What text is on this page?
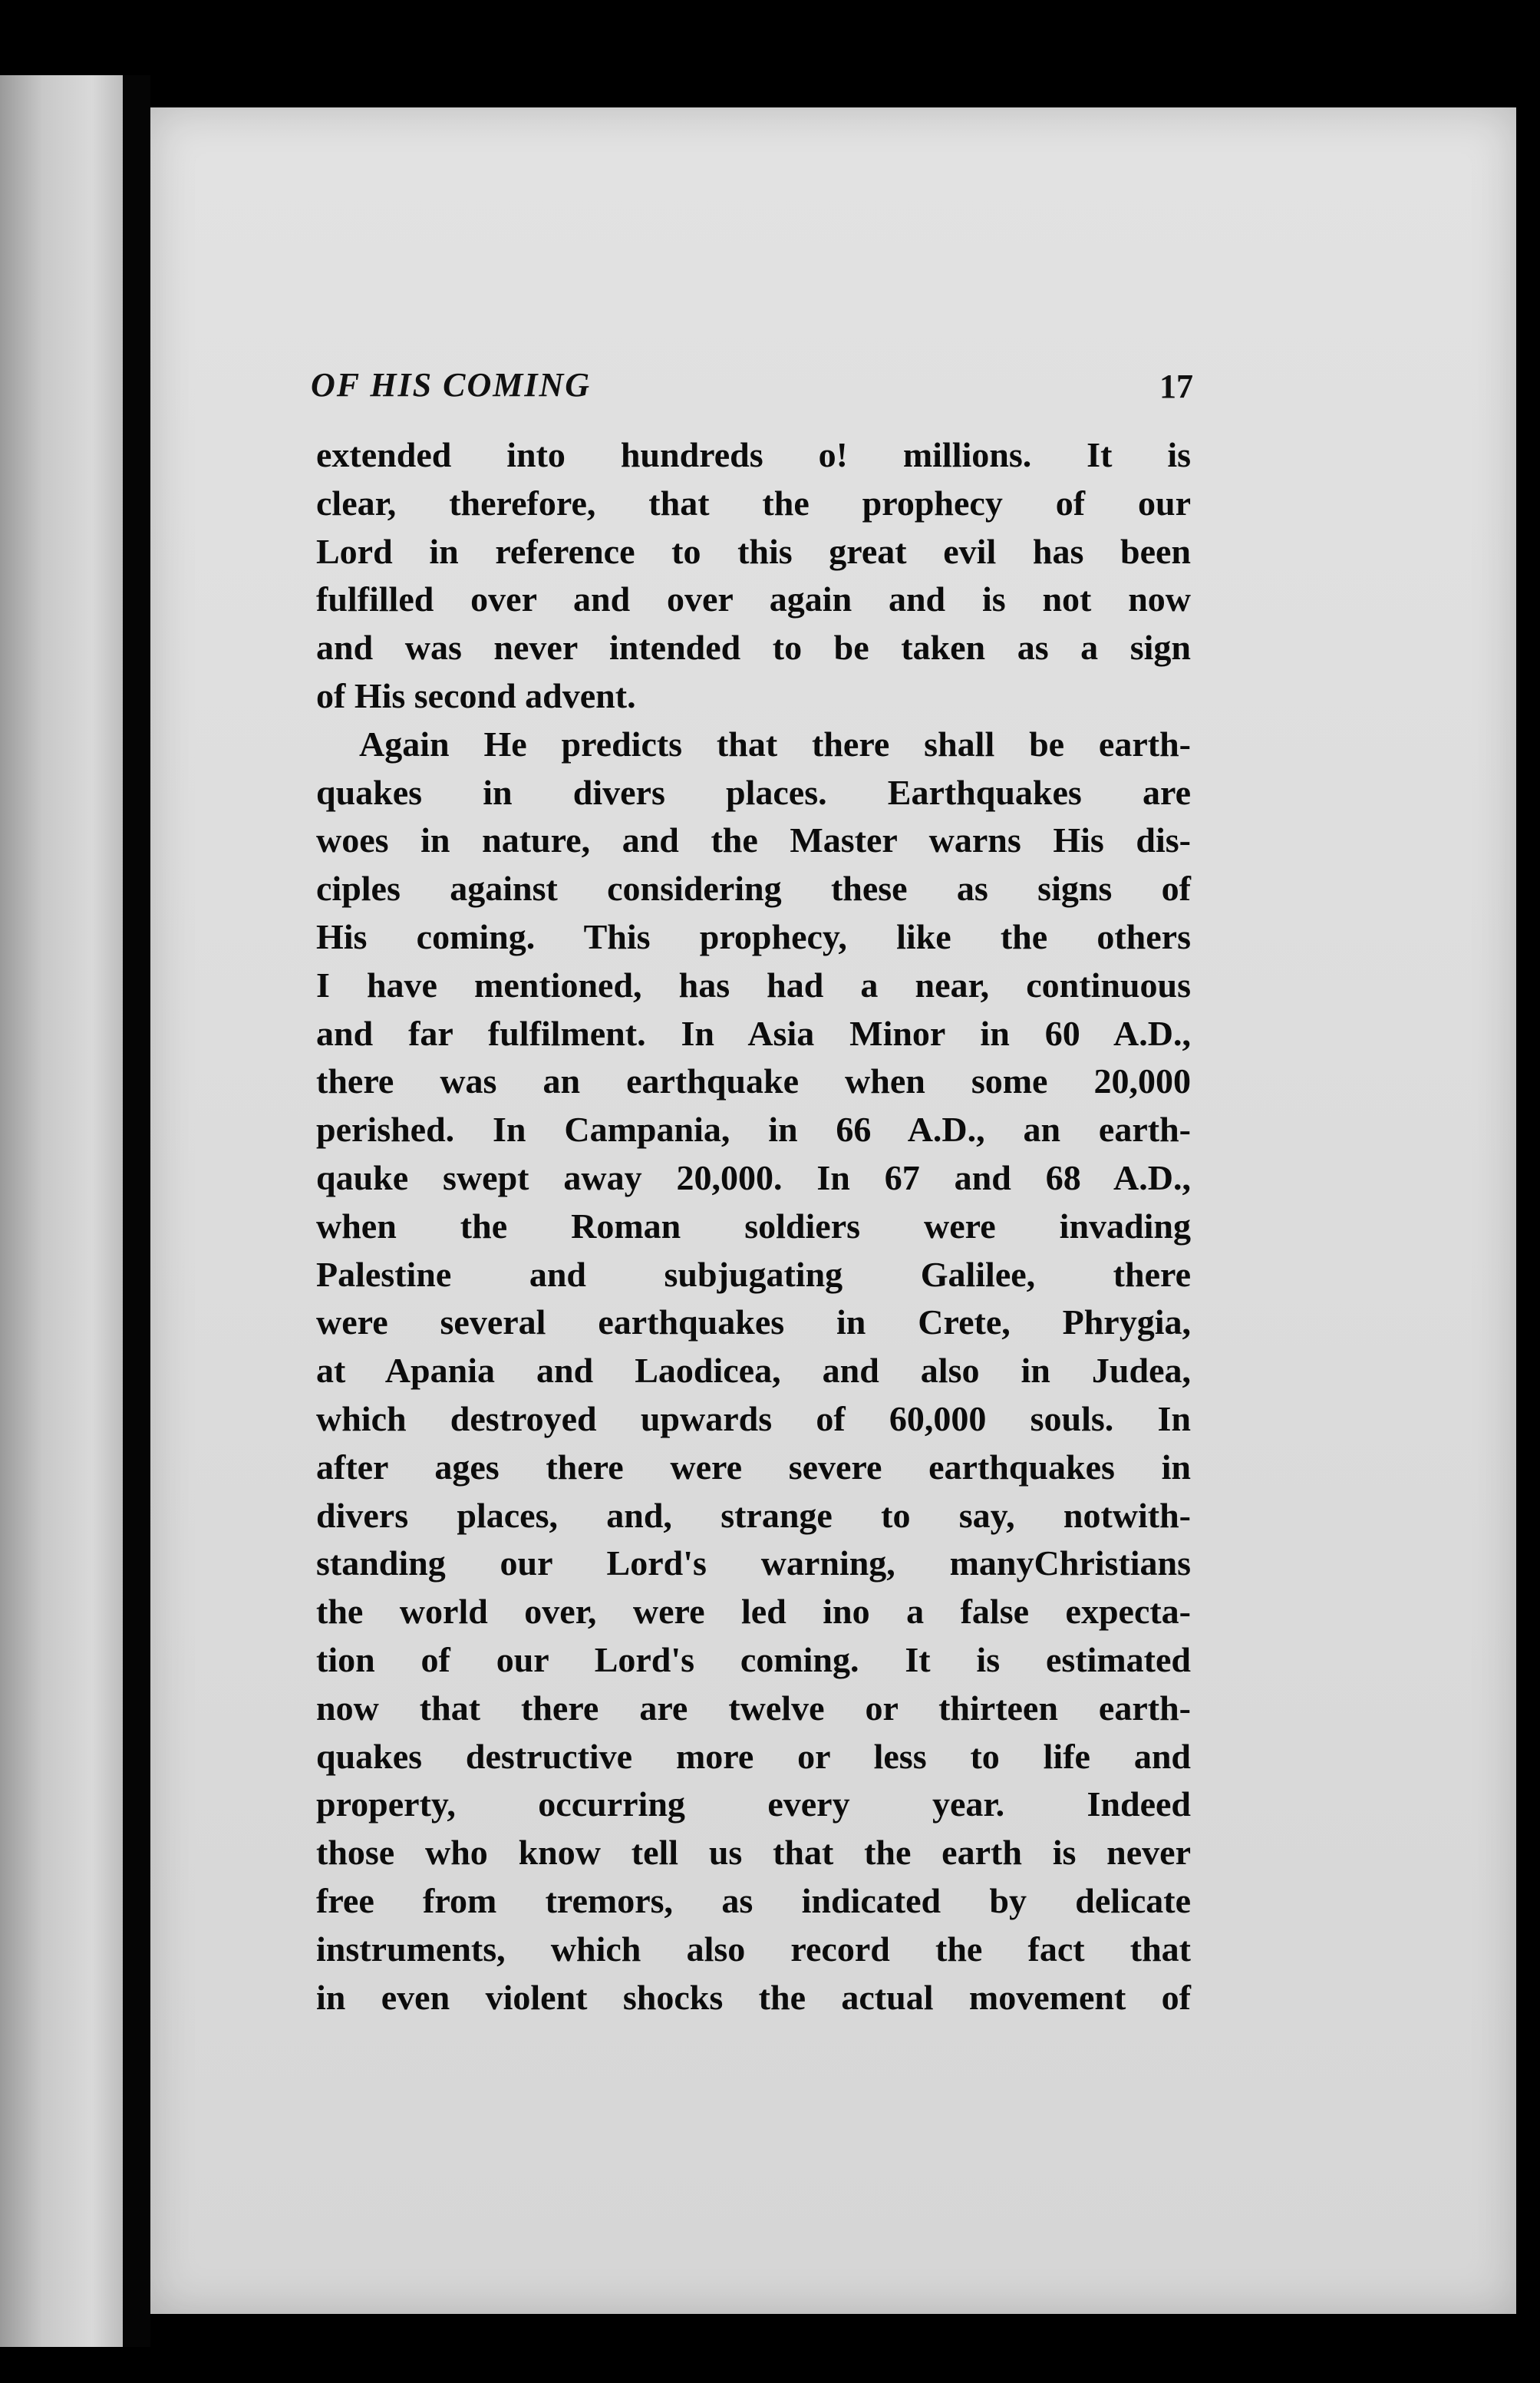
OF HIS COMING	17
extended into hundreds o! millions. It is
clear, therefore, that the prophecy of our
Lord in reference to this great evil has been
fulfilled over and over again and is not now
and was never intended to be taken as a sign
of His second advent.
Again He predicts that there shall be earth-
quakes in divers places. Earthquakes are
woes in nature, and the Master warns His dis-
ciples against considering these as signs of
His coming. This prophecy, like the others
I have mentioned, has had a near, continuous
and far fulfilment. In Asia Minor in 60 A.D.,
there was an earthquake when some 20,000
perished. In Campania, in 66 A.D., an earth-
qauke swept away 20,000. In 67 and 68 A.D.,
when the Roman soldiers were invading
Palestine and subjugating Galilee, there
were several earthquakes in Crete, Phrygia,
at Apania and Laodicea, and also in Judea,
which destroyed upwards of 60,000 souls. In
after ages there were severe earthquakes in
divers places, and, strange to say, notwith-
standing our Lord's warning, manyChristians
the world over, were led ino a false expecta-
tion of our Lord's coming. It is estimated
now that there are twelve or thirteen earth-
quakes destructive more or less to life and
property, occurring every year. Indeed
those who know tell us that the earth is never
free from tremors, as indicated by delicate
instruments, which also record the fact that
in even violent shocks the actual movement of
